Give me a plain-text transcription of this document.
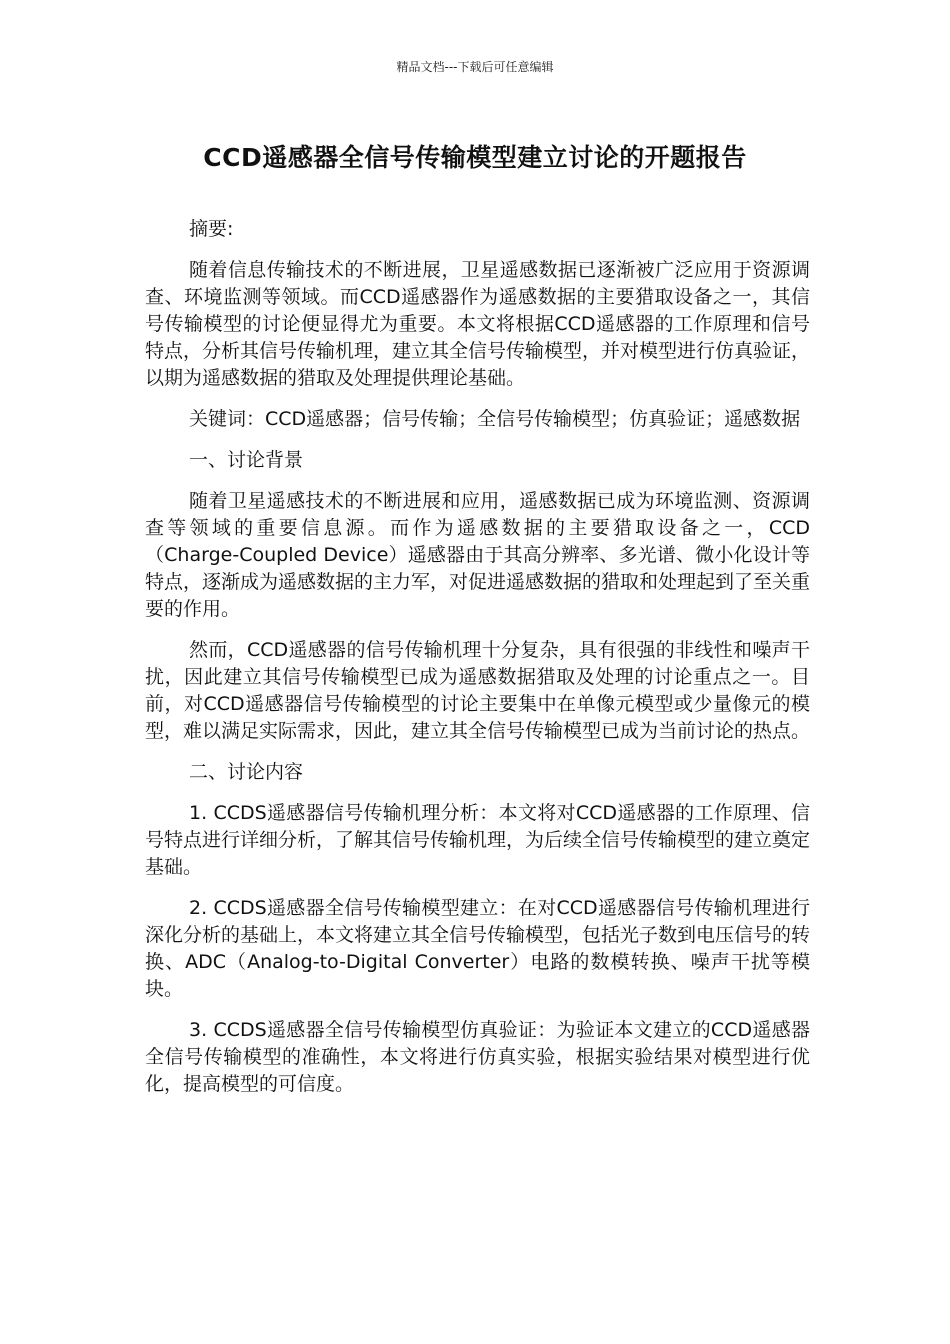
精品文档---下载后可任意编辑
CCD遥感器全信号传输模型建立讨论的开题报告

摘要:

随着信息传输技术的不断进展，卫星遥感数据已逐渐被广泛应用于资源调查、环境监测等领域。而CCD遥感器作为遥感数据的主要猎取设备之一，其信号传输模型的讨论便显得尤为重要。本文将根据CCD遥感器的工作原理和信号特点，分析其信号传输机理，建立其全信号传输模型，并对模型进行仿真验证，以期为遥感数据的猎取及处理提供理论基础。

关键词：CCD遥感器；信号传输；全信号传输模型；仿真验证；遥感数据

一、讨论背景

随着卫星遥感技术的不断进展和应用，遥感数据已成为环境监测、资源调查等领域的重要信息源。而作为遥感数据的主要猎取设备之一，CCD（Charge-Coupled Device）遥感器由于其高分辨率、多光谱、微小化设计等特点，逐渐成为遥感数据的主力军，对促进遥感数据的猎取和处理起到了至关重要的作用。

然而，CCD遥感器的信号传输机理十分复杂，具有很强的非线性和噪声干扰，因此建立其信号传输模型已成为遥感数据猎取及处理的讨论重点之一。目前，对CCD遥感器信号传输模型的讨论主要集中在单像元模型或少量像元的模型，难以满足实际需求，因此，建立其全信号传输模型已成为当前讨论的热点。

二、讨论内容

1. CCDS遥感器信号传输机理分析：本文将对CCD遥感器的工作原理、信号特点进行详细分析，了解其信号传输机理，为后续全信号传输模型的建立奠定基础。

2. CCDS遥感器全信号传输模型建立：在对CCD遥感器信号传输机理进行深化分析的基础上，本文将建立其全信号传输模型，包括光子数到电压信号的转换、ADC（Analog-to-Digital Converter）电路的数模转换、噪声干扰等模块。

3. CCDS遥感器全信号传输模型仿真验证：为验证本文建立的CCD遥感器全信号传输模型的准确性，本文将进行仿真实验，根据实验结果对模型进行优化，提高模型的可信度。
